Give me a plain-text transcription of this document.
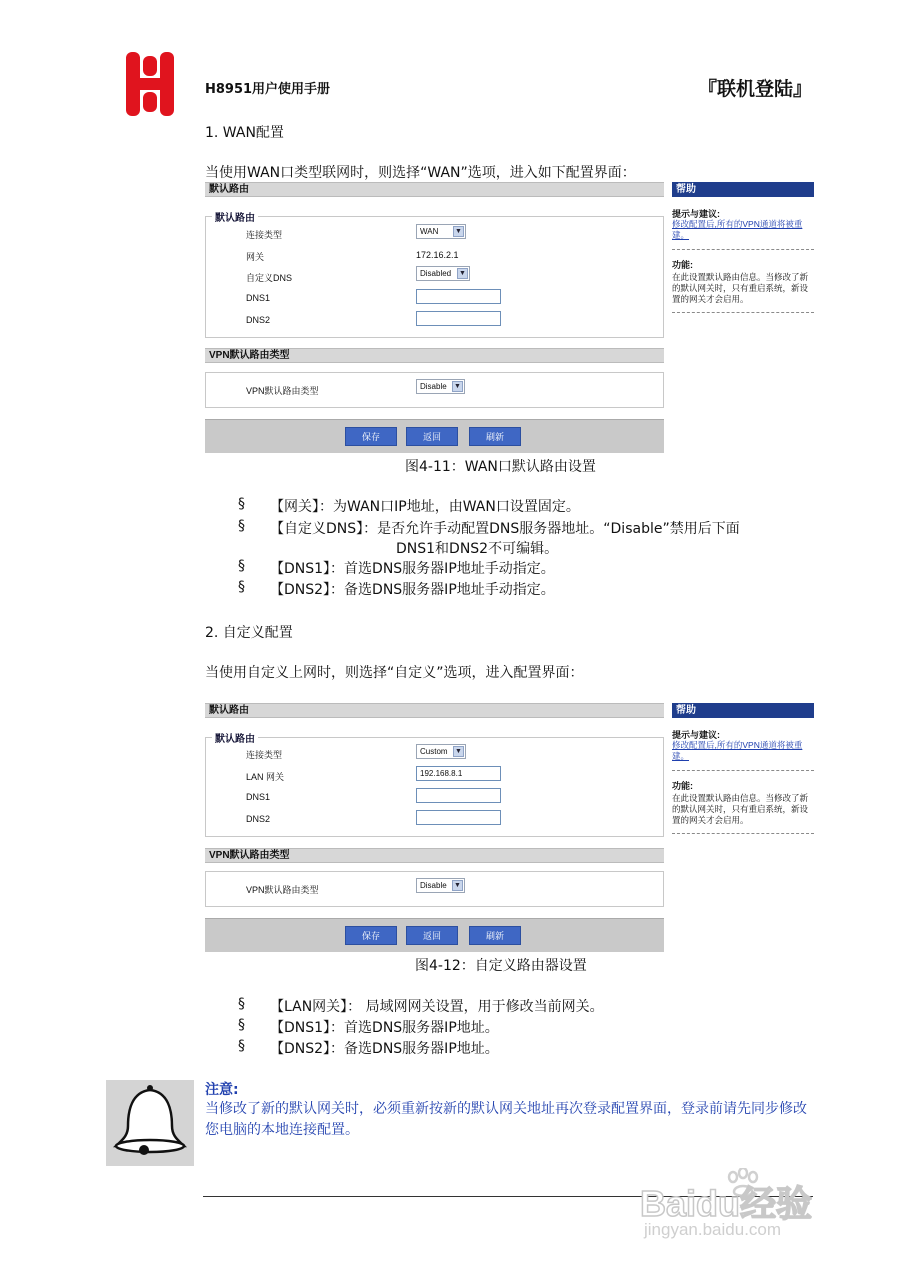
H8951用户使用手册	『联机登陆』
1. WAN配置
当使用WAN口类型联网时，则选择“WAN”选项，进入如下配置界面：
默认路由
默认路由
连接类型	WAN ▼
网关	172.16.2.1
自定义DNS	Disabled ▼
DNS1
DNS2
VPN默认路由类型
VPN默认路由类型	Disable ▼
保存	返回	刷新
帮助
提示与建议:
修改配置后,所有的VPN通道将被重建。
功能:
在此设置默认路由信息。当修改了新的默认网关时，只有重启系统，新设置的网关才会启用。
图4-11：WAN口默认路由设置
§ 【网关】：为WAN口IP地址，由WAN口设置固定。
§ 【自定义DNS】：是否允许手动配置DNS服务器地址。“Disable”禁用后下面
DNS1和DNS2不可编辑。
§ 【DNS1】：首选DNS服务器IP地址手动指定。
§ 【DNS2】：备选DNS服务器IP地址手动指定。
2. 自定义配置
当使用自定义上网时，则选择“自定义”选项，进入配置界面：
默认路由
默认路由
连接类型	Custom ▼
LAN 网关	192.168.8.1
DNS1
DNS2
VPN默认路由类型
VPN默认路由类型	Disable ▼
保存	返回	刷新
帮助
提示与建议:
修改配置后,所有的VPN通道将被重建。
功能:
在此设置默认路由信息。当修改了新的默认网关时，只有重启系统，新设置的网关才会启用。
图4-12：自定义路由器设置
§ 【LAN网关】： 局域网网关设置，用于修改当前网关。
§ 【DNS1】：首选DNS服务器IP地址。
§ 【DNS2】：备选DNS服务器IP地址。
注意:
当修改了新的默认网关时，必须重新按新的默认网关地址再次登录配置界面，登录前请先同步修改您电脑的本地连接配置。
Baidu经验
jingyan.baidu.com
